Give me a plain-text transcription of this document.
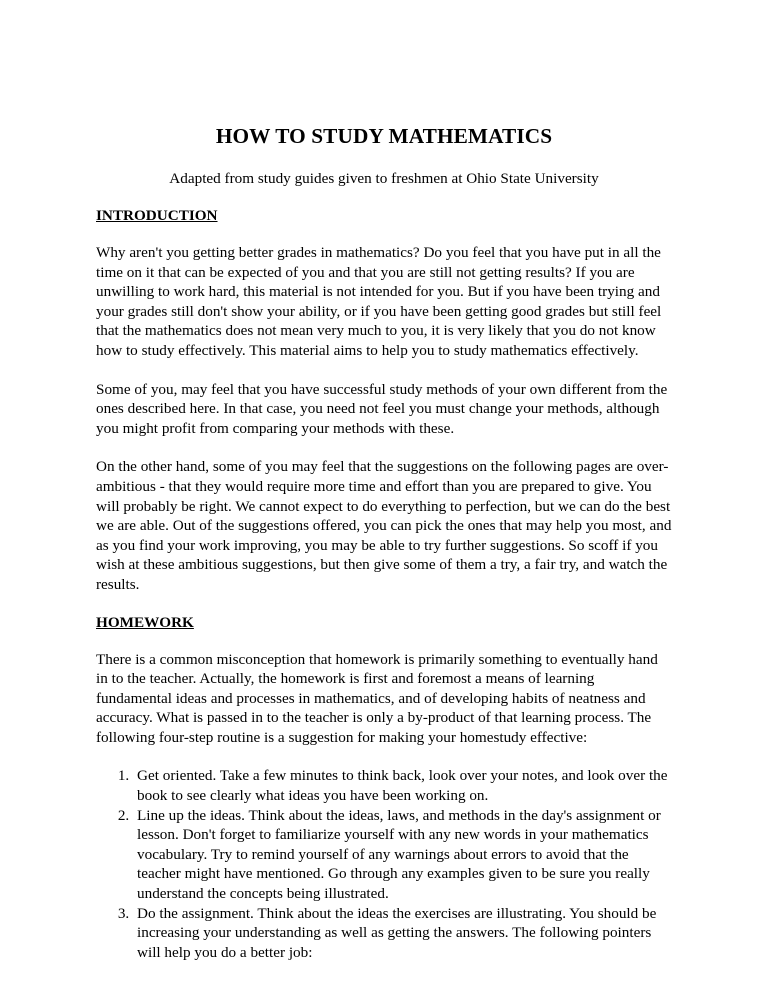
HOW TO STUDY MATHEMATICS
Adapted from study guides given to freshmen at Ohio State University
INTRODUCTION

Why aren't you getting better grades in mathematics? Do you feel that you have put in all the time on it that can be expected of you and that you are still not getting results? If you are unwilling to work hard, this material is not intended for you. But if you have been trying and your grades still don't show your ability, or if you have been getting good grades but still feel that the mathematics does not mean very much to you, it is very likely that you do not know how to study effectively. This material aims to help you to study mathematics effectively.

Some of you, may feel that you have successful study methods of your own different from the ones described here. In that case, you need not feel you must change your methods, although you might profit from comparing your methods with these.

On the other hand, some of you may feel that the suggestions on the following pages are over-ambitious - that they would require more time and effort than you are prepared to give. You will probably be right. We cannot expect to do everything to perfection, but we can do the best we are able. Out of the suggestions offered, you can pick the ones that may help you most, and as you find your work improving, you may be able to try further suggestions. So scoff if you wish at these ambitious suggestions, but then give some of them a try, a fair try, and watch the results.

HOMEWORK

There is a common misconception that homework is primarily something to eventually hand in to the teacher. Actually, the homework is first and foremost a means of learning fundamental ideas and processes in mathematics, and of developing habits of neatness and accuracy. What is passed in to the teacher is only a by-product of that learning process. The following four-step routine is a suggestion for making your homestudy effective:

1. Get oriented. Take a few minutes to think back, look over your notes, and look over the book to see clearly what ideas you have been working on.
2. Line up the ideas. Think about the ideas, laws, and methods in the day's assignment or lesson. Don't forget to familiarize yourself with any new words in your mathematics vocabulary. Try to remind yourself of any warnings about errors to avoid that the teacher might have mentioned. Go through any examples given to be sure you really understand the concepts being illustrated.
3. Do the assignment. Think about the ideas the exercises are illustrating. You should be increasing your understanding as well as getting the answers. The following pointers will help you do a better job:
